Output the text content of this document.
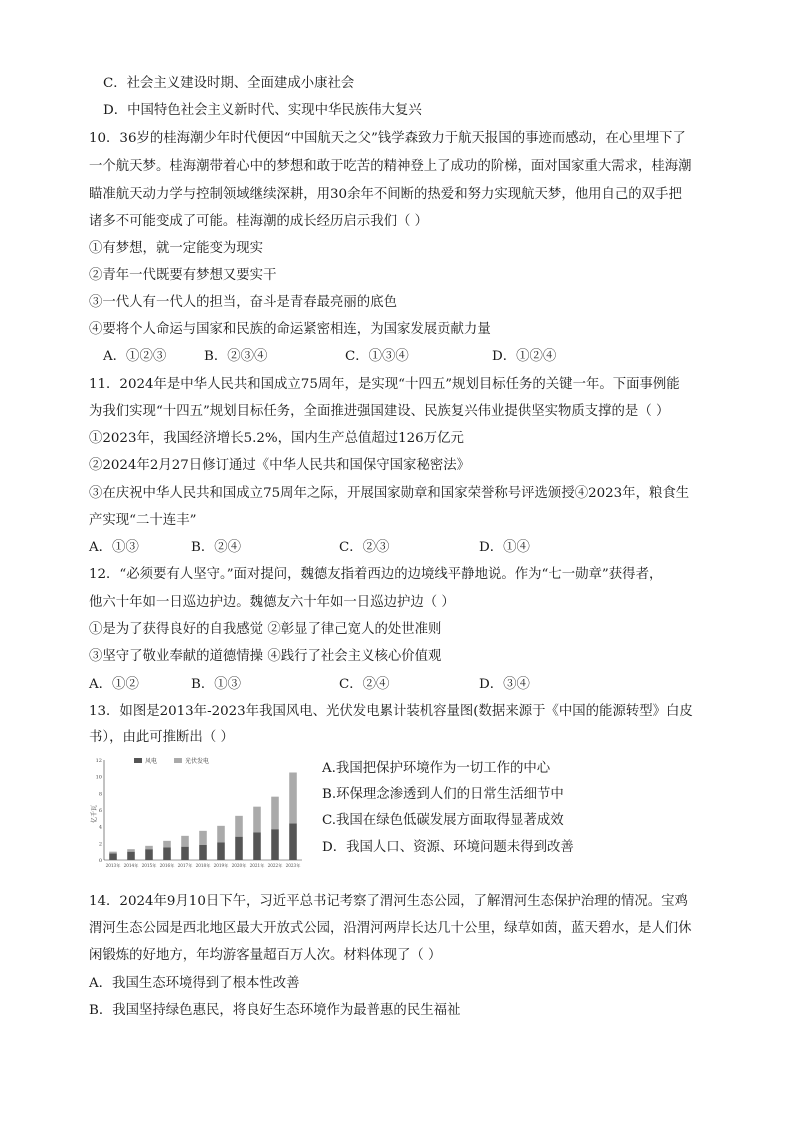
C．社会主义建设时期、全面建成小康社会
D．中国特色社会主义新时代、实现中华民族伟大复兴
10．36岁的桂海潮少年时代便因“中国航天之父”钱学森致力于航天报国的事迹而感动，在心里埋下了
一个航天梦。桂海潮带着心中的梦想和敢于吃苦的精神登上了成功的阶梯，面对国家重大需求，桂海潮
瞄准航天动力学与控制领域继续深耕，用30余年不间断的热爱和努力实现航天梦，他用自己的双手把
诸多不可能变成了可能。桂海潮的成长经历启示我们（ ）
①有梦想，就一定能变为现实
②青年一代既要有梦想又要实干
③一代人有一代人的担当，奋斗是青春最亮丽的底色
④要将个人命运与国家和民族的命运紧密相连，为国家发展贡献力量
A．①②③	B．②③④	C．①③④	D．①②④
11．2024年是中华人民共和国成立75周年，是实现“十四五”规划目标任务的关键一年。下面事例能
为我们实现“十四五”规划目标任务，全面推进强国建设、民族复兴伟业提供坚实物质支撑的是（ ）
①2023年，我国经济增长5.2%，国内生产总值超过126万亿元
②2024年2月27日修订通过《中华人民共和国保守国家秘密法》
③在庆祝中华人民共和国成立75周年之际，开展国家勋章和国家荣誉称号评选颁授④2023年，粮食生
产实现“二十连丰”
A．①③	B．②④	C．②③	D．①④
12．“必须要有人坚守。”面对提问，魏德友指着西边的边境线平静地说。作为“七一勋章”获得者，
他六十年如一日巡边护边。魏德友六十年如一日巡边护边（ ）
①是为了获得良好的自我感觉 ②彰显了律己宽人的处世准则
③坚守了敬业奉献的道德情操 ④践行了社会主义核心价值观
A．①②	B．①③	C．②④	D．③④
13．如图是2013年-2023年我国风电、光伏发电累计装机容量图(数据来源于《中国的能源转型》白皮
书），由此可推断出（ ）
亿千瓦
0
2
4
6
8
10
12	风电	光伏发电
2013年 2014年 2015年 2016年 2017年 2018年 2019年 2020年 2021年 2022年 2023年
A.我国把保护环境作为一切工作的中心
B.环保理念渗透到人们的日常生活细节中
C.我国在绿色低碳发展方面取得显著成效
D．我国人口、资源、环境问题未得到改善
14．2024年9月10日下午，习近平总书记考察了渭河生态公园，了解渭河生态保护治理的情况。宝鸡
渭河生态公园是西北地区最大开放式公园，沿渭河两岸长达几十公里，绿草如茵，蓝天碧水，是人们休
闲锻炼的好地方，年均游客量超百万人次。材料体现了（ ）
A．我国生态环境得到了根本性改善
B．我国坚持绿色惠民，将良好生态环境作为最普惠的民生福祉
